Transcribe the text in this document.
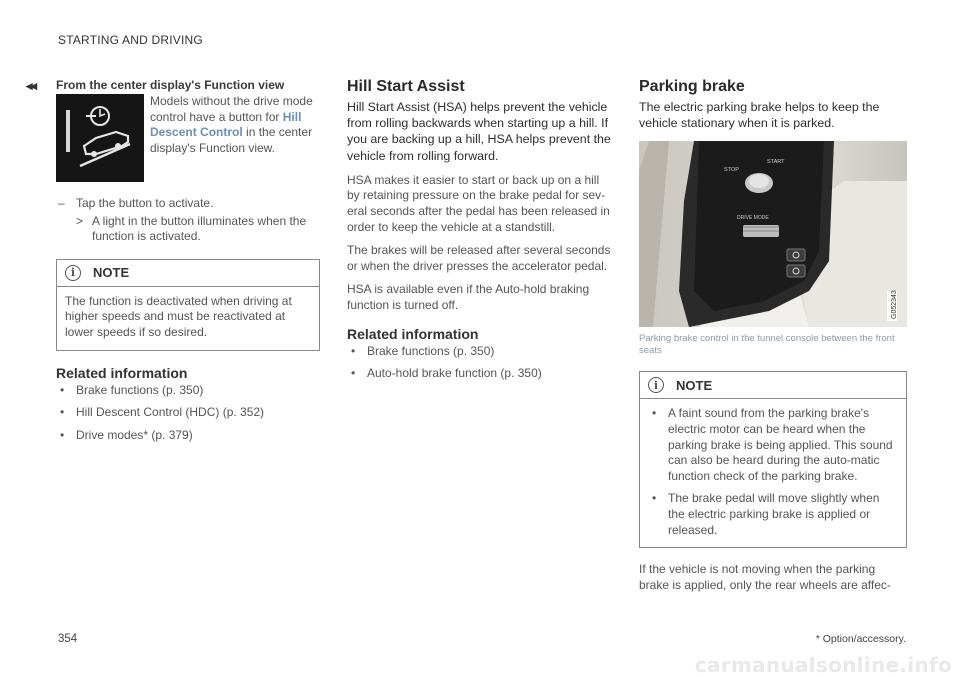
STARTING AND DRIVING
◂◂ From the center display's Function view
Models without the drive mode control have a button for Hill Descent Control in the center display's Function view.
– Tap the button to activate.
> A light in the button illuminates when the function is activated.
i	NOTE
The function is deactivated when driving at higher speeds and must be reactivated at lower speeds if so desired.
Related information
• Brake functions (p. 350)
• Hill Descent Control (HDC) (p. 352)
• Drive modes* (p. 379)
Hill Start Assist
Hill Start Assist (HSA) helps prevent the vehicle from rolling backwards when starting up a hill. If you are backing up a hill, HSA helps prevent the vehicle from rolling forward.
HSA makes it easier to start or back up on a hill by retaining pressure on the brake pedal for sev-eral seconds after the pedal has been released in order to keep the vehicle at a standstill.
The brakes will be released after several seconds or when the driver presses the accelerator pedal.
HSA is available even if the Auto-hold braking function is turned off.
Related information
• Brake functions (p. 350)
• Auto-hold brake function (p. 350)
Parking brake
The electric parking brake helps to keep the vehicle stationary when it is parked.
STOP
START
DRIVE MODE
G052343
Parking brake control in the tunnel console between the front seats
i	NOTE
• A faint sound from the parking brake's electric motor can be heard when the parking brake is being applied. This sound can also be heard during the auto-matic function check of the parking brake.
• The brake pedal will move slightly when the electric parking brake is applied or released.
If the vehicle is not moving when the parking brake is applied, only the rear wheels are affec-
354	* Option/accessory.
carmanualsonline.info
